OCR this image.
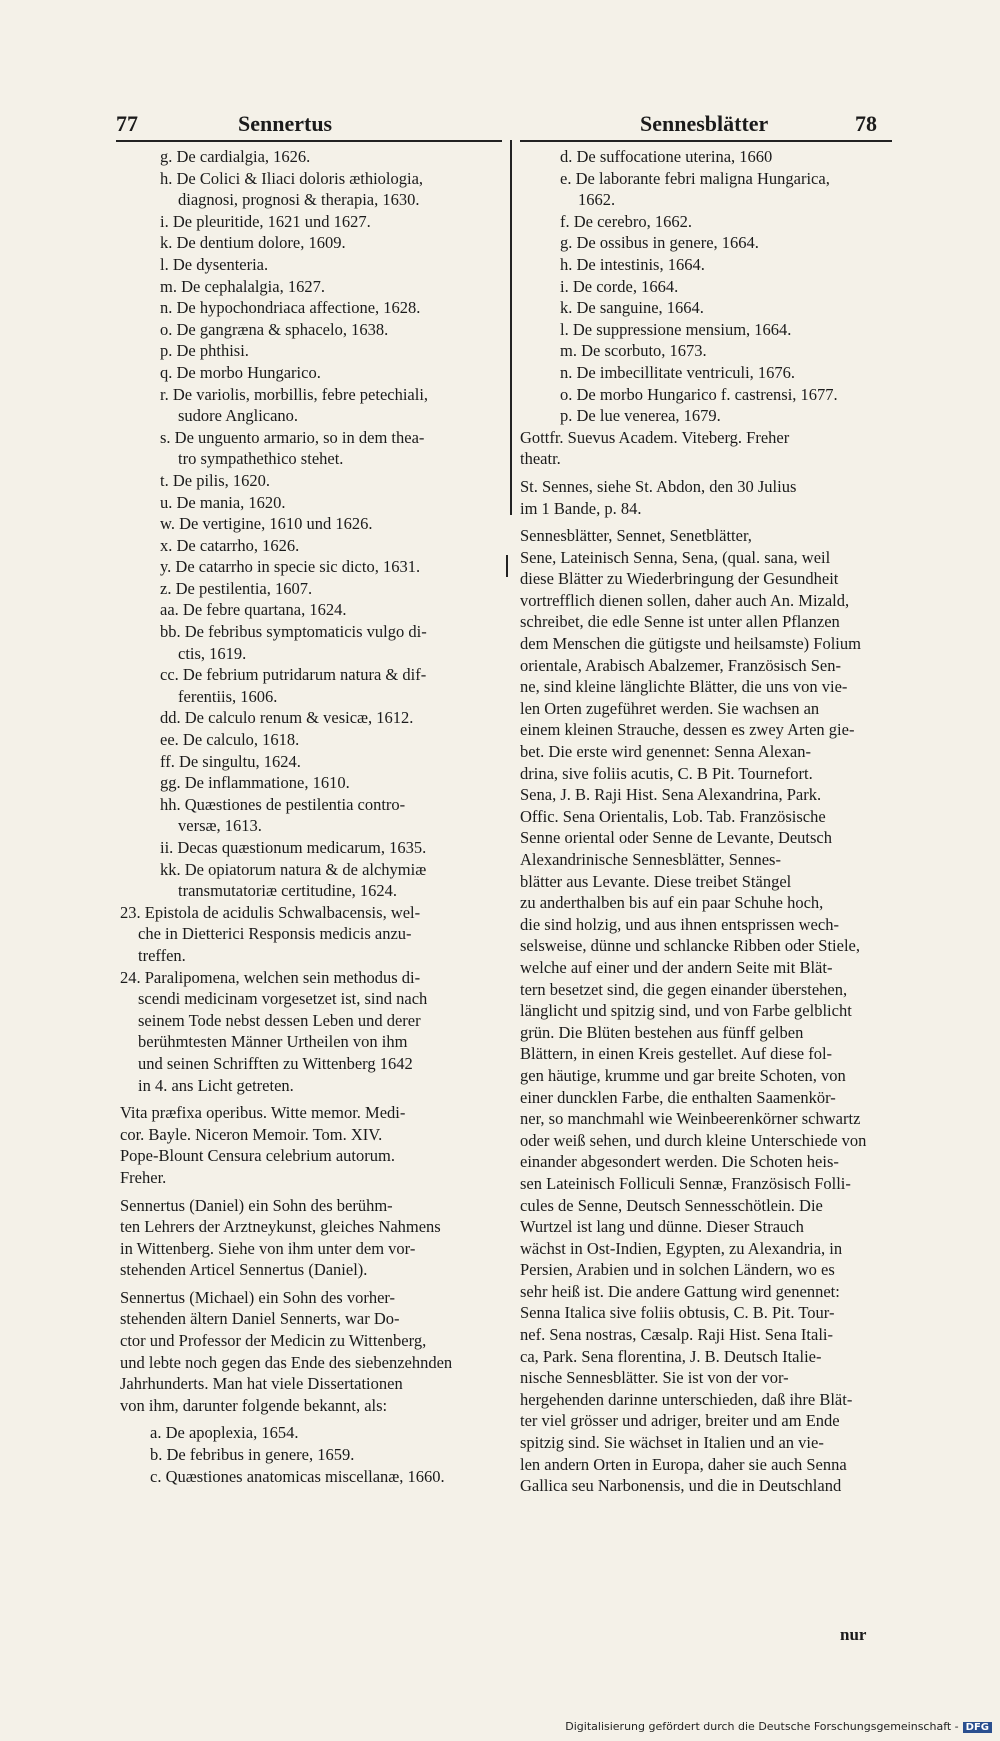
77	Sennertus	Sennesblätter	78
g. De cardialgia, 1626.
h. De Colici & Iliaci doloris æthiologia,
diagnosi, prognosi & therapia, 1630.
i. De pleuritide, 1621 und 1627.
k. De dentium dolore, 1609.
l. De dysenteria.
m. De cephalalgia, 1627.
n. De hypochondriaca affectione, 1628.
o. De gangræna & sphacelo, 1638.
p. De phthisi.
q. De morbo Hungarico.
r. De variolis, morbillis, febre petechiali,
sudore Anglicano.
s. De unguento armario, so in dem thea-
tro sympathethico stehet.
t. De pilis, 1620.
u. De mania, 1620.
w. De vertigine, 1610 und 1626.
x. De catarrho, 1626.
y. De catarrho in specie sic dicto, 1631.
z. De pestilentia, 1607.
aa. De febre quartana, 1624.
bb. De febribus symptomaticis vulgo di-
ctis, 1619.
cc. De febrium putridarum natura & dif-
ferentiis, 1606.
dd. De calculo renum & vesicæ, 1612.
ee. De calculo, 1618.
ff. De singultu, 1624.
gg. De inflammatione, 1610.
hh. Quæstiones de pestilentia contro-
versæ, 1613.
ii. Decas quæstionum medicarum, 1635.
kk. De opiatorum natura & de alchymiæ
transmutatoriæ certitudine, 1624.
23. Epistola de acidulis Schwalbacensis, wel-
che in Dietterici Responsis medicis anzu-
treffen.
24. Paralipomena, welchen sein methodus di-
scendi medicinam vorgesetzet ist, sind nach
seinem Tode nebst dessen Leben und derer
berühmtesten Männer Urtheilen von ihm
und seinen Schrifften zu Wittenberg 1642
in 4. ans Licht getreten.
Vita præfixa operibus. Witte memor. Medi-
cor. Bayle. Niceron Memoir. Tom. XIV.
Pope-Blount Censura celebrium autorum.
Freher.
Sennertus (Daniel) ein Sohn des berühm-
ten Lehrers der Arztneykunst, gleiches Nahmens
in Wittenberg. Siehe von ihm unter dem vor-
stehenden Articel Sennertus (Daniel).
Sennertus (Michael) ein Sohn des vorher-
stehenden ältern Daniel Sennerts, war Do-
ctor und Professor der Medicin zu Wittenberg,
und lebte noch gegen das Ende des siebenzehnden
Jahrhunderts. Man hat viele Dissertationen
von ihm, darunter folgende bekannt, als:
a. De apoplexia, 1654.
b. De febribus in genere, 1659.
c. Quæstiones anatomicas miscellanæ, 1660.
d. De suffocatione uterina, 1660
e. De laborante febri maligna Hungarica,
1662.
f. De cerebro, 1662.
g. De ossibus in genere, 1664.
h. De intestinis, 1664.
i. De corde, 1664.
k. De sanguine, 1664.
l. De suppressione mensium, 1664.
m. De scorbuto, 1673.
n. De imbecillitate ventriculi, 1676.
o. De morbo Hungarico f. castrensi, 1677.
p. De lue venerea, 1679.
Gottfr. Suevus Academ. Viteberg. Freher
theatr.
St. Sennes, siehe St. Abdon, den 30 Julius
im 1 Bande, p. 84.
Sennesblätter, Sennet, Senetblätter,
Sene, Lateinisch Senna, Sena, (qual. sana, weil
diese Blätter zu Wiederbringung der Gesundheit
vortrefflich dienen sollen, daher auch An. Mizald,
schreibet, die edle Senne ist unter allen Pflanzen
dem Menschen die gütigste und heilsamste) Folium
orientale, Arabisch Abalzemer, Französisch Sen-
ne, sind kleine länglichte Blätter, die uns von vie-
len Orten zugeführet werden. Sie wachsen an
einem kleinen Strauche, dessen es zwey Arten gie-
bet. Die erste wird genennet: Senna Alexan-
drina, sive foliis acutis, C. B Pit. Tournefort.
Sena, J. B. Raji Hist. Sena Alexandrina, Park.
Offic. Sena Orientalis, Lob. Tab. Französische
Senne oriental oder Senne de Levante, Deutsch
Alexandrinische Sennesblätter, Sennes-
blätter aus Levante. Diese treibet Stängel
zu anderthalben bis auf ein paar Schuhe hoch,
die sind holzig, und aus ihnen entsprissen wech-
selsweise, dünne und schlancke Ribben oder Stiele,
welche auf einer und der andern Seite mit Blät-
tern besetzet sind, die gegen einander überstehen,
länglicht und spitzig sind, und von Farbe gelblicht
grün. Die Blüten bestehen aus fünff gelben
Blättern, in einen Kreis gestellet. Auf diese fol-
gen häutige, krumme und gar breite Schoten, von
einer duncklen Farbe, die enthalten Saamenkör-
ner, so manchmahl wie Weinbeerenkörner schwartz
oder weiß sehen, und durch kleine Unterschiede von
einander abgesondert werden. Die Schoten heis-
sen Lateinisch Folliculi Sennæ, Französisch Folli-
cules de Senne, Deutsch Sennesschötlein. Die
Wurtzel ist lang und dünne. Dieser Strauch
wächst in Ost-Indien, Egypten, zu Alexandria, in
Persien, Arabien und in solchen Ländern, wo es
sehr heiß ist. Die andere Gattung wird genennet:
Senna Italica sive foliis obtusis, C. B. Pit. Tour-
nef. Sena nostras, Cæsalp. Raji Hist. Sena Itali-
ca, Park. Sena florentina, J. B. Deutsch Italie-
nische Sennesblätter. Sie ist von der vor-
hergehenden darinne unterschieden, daß ihre Blät-
ter viel grösser und adriger, breiter und am Ende
spitzig sind. Sie wächset in Italien und an vie-
len andern Orten in Europa, daher sie auch Senna
Gallica seu Narbonensis, und die in Deutschland
nur
Digitalisierung gefördert durch die Deutsche Forschungsgemeinschaft - DFG
